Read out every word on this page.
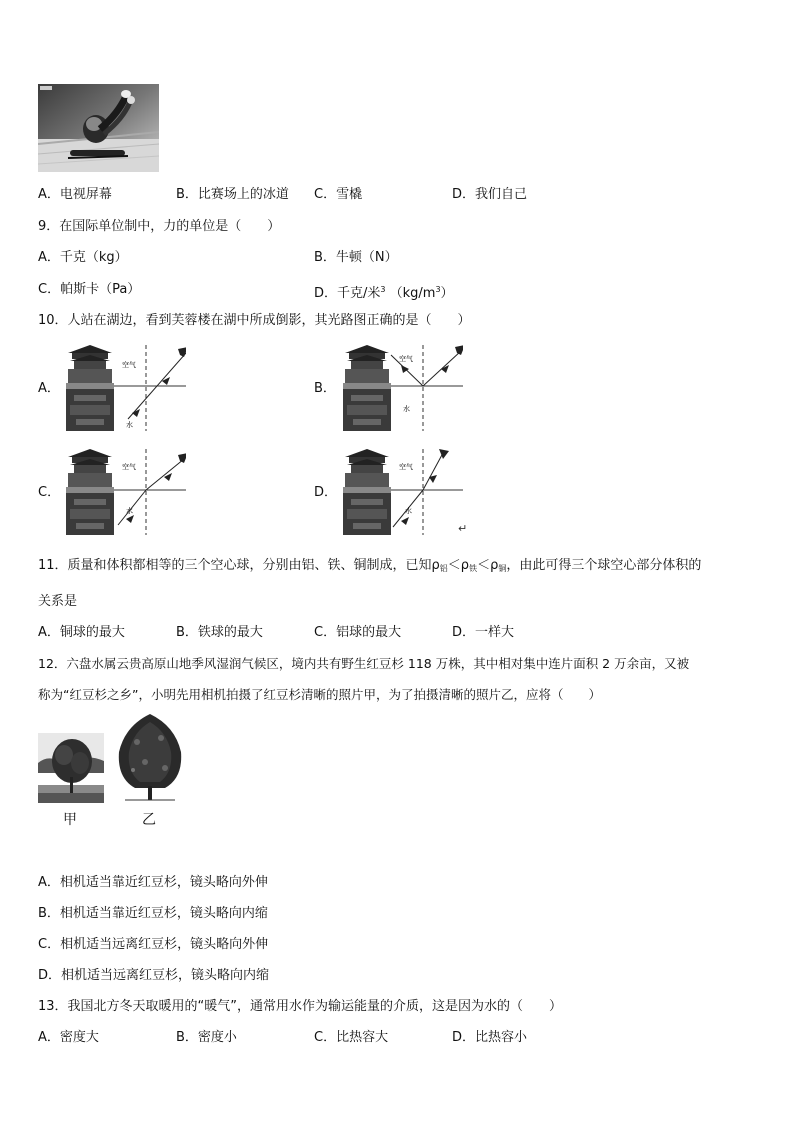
A．电视屏幕	B．比赛场上的冰道 C．雪橇	D．我们自己
9．在国际单位制中，力的单位是（　　）
A．千克（kg）	B．牛顿（N）
C．帕斯卡（Pa）	D．千克/米$^3$ $(kg/m^3)$
10．人站在湖边，看到芙蓉楼在湖中所成倒影，其光路图正确的是（　　）
A．	B．
C．	D．
空气
水
空气
水
空气
水
空气
水
↵
11．质量和体积都相等的三个空心球，分别由铝、铁、铜制成，已知$\rho_铝<\rho_铁<\rho_铜$，由此可得三个球空心部分体积的
关系是
A．铜球的最大	B．铁球的最大	C．铝球的最大	D．一样大
12．六盘水属云贵高原山地季风湿润气候区，境内共有野生红豆杉 118 万株，其中相对集中连片面积 2 万余亩，又被
称为“红豆杉之乡”，小明先用相机拍摄了红豆杉清晰的照片甲，为了拍摄清晰的照片乙，应将（　　）
甲	乙
A．相机适当靠近红豆杉，镜头略向外伸
B．相机适当靠近红豆杉，镜头略向内缩
C．相机适当远离红豆杉，镜头略向外伸
D．相机适当远离红豆杉，镜头略向内缩
13．我国北方冬天取暖用的“暖气”，通常用水作为输运能量的介质，这是因为水的（　　）
A．密度大	B．密度小	C．比热容大	D．比热容小
